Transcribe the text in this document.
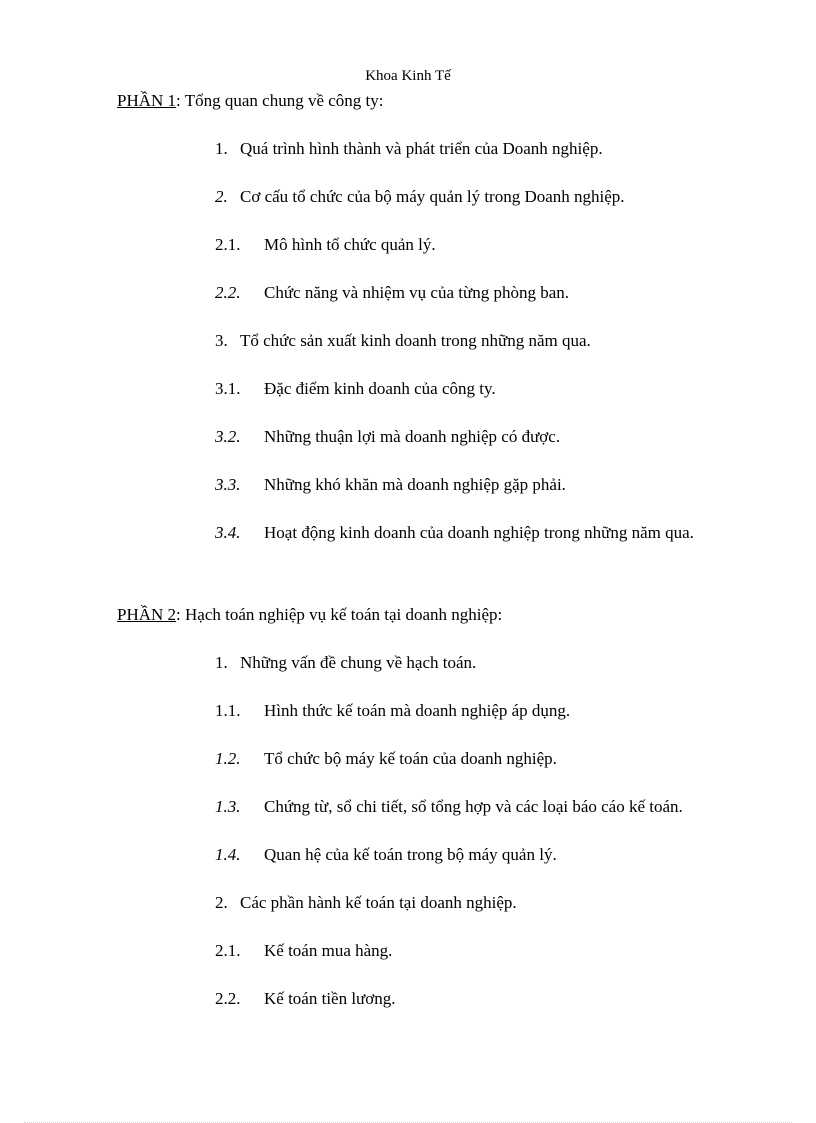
Khoa Kinh Tế
PHẦN 1: Tổng quan chung về công ty:
1. Quá trình hình thành và phát triển của Doanh nghiệp.
2. Cơ cấu tổ chức của bộ máy quản lý trong Doanh nghiệp.
2.1. Mô hình tổ chức quản lý.
2.2. Chức năng và nhiệm vụ của từng phòng ban.
3. Tổ chức sản xuất kinh doanh trong những năm qua.
3.1. Đặc điểm kinh doanh của công ty.
3.2. Những thuận lợi mà doanh nghiệp có được.
3.3. Những khó khăn mà doanh nghiệp gặp phải.
3.4.	Hoạt động kinh doanh của doanh nghiệp trong những năm qua.
PHẦN 2: Hạch toán nghiệp vụ kế toán tại doanh nghiệp:
1. Những vấn đề chung về hạch toán.
1.1. Hình thức kế toán mà doanh nghiệp áp dụng.
1.2. Tổ chức bộ máy kế toán của doanh nghiệp.
1.3. Chứng từ, sổ chi tiết, sổ tổng hợp và các loại báo cáo kế toán.
1.4. Quan hệ của kế toán trong bộ máy quản lý.
2. Các phần hành kế toán tại doanh nghiệp.
2.1. Kế toán mua hàng.
2.2. Kế toán tiền lương.
